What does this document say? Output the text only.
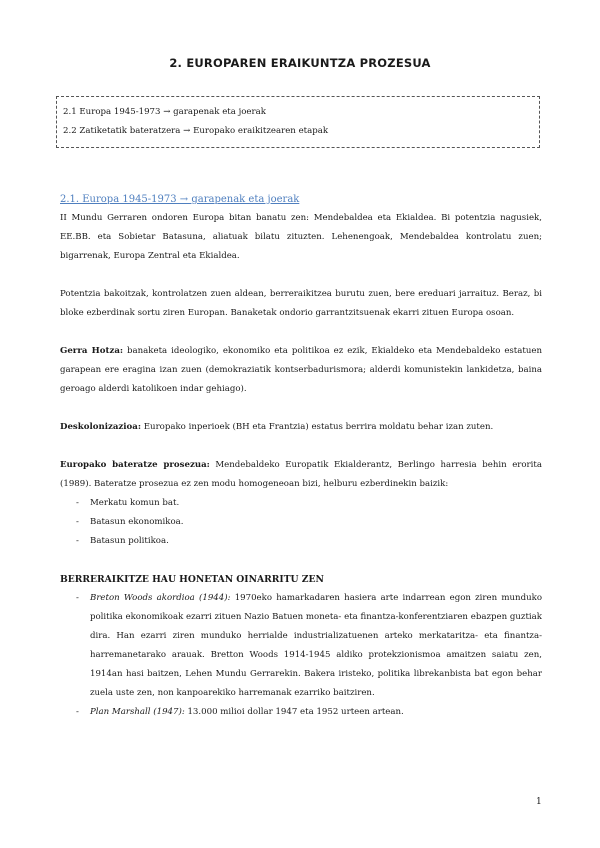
2. EUROPAREN ERAIKUNTZA PROZESUA
2.1 Europa 1945-1973 → garapenak eta joerak
2.2 Zatiketatik bateratzera → Europako eraikitzearen etapak

2.1. Europa 1945-1973 → garapenak eta joerak

II Mundu Gerraren ondoren Europa bitan banatu zen: Mendebaldea eta Ekialdea. Bi potentzia nagusiek, EE.BB. eta Sobietar Batasuna, aliatuak bilatu zituzten. Lehenengoak, Mendebaldea kontrolatu zuen; bigarrenak, Europa Zentral eta Ekialdea.

Potentzia bakoitzak, kontrolatzen zuen aldean, berreraikitzea burutu zuen, bere ereduari jarraituz. Beraz, bi bloke ezberdinak sortu ziren Europan. Banaketak ondorio garrantzitsuenak ekarri zituen Europa osoan.

Gerra Hotza: banaketa ideologiko, ekonomiko eta politikoa ez ezik, Ekialdeko eta Mendebaldeko estatuen garapean ere eragina izan zuen (demokraziatik kontserbadurismora; alderdi komunistekin lankidetza, baina geroago alderdi katolikoen indar gehiago).

Deskolonizazioa: Europako inperioek (BH eta Frantzia) estatus berrira moldatu behar izan zuten.

Europako bateratze prosezua: Mendebaldeko Europatik Ekialderantz, Berlingo harresia behin erorita (1989). Bateratze prosezua ez zen modu homogeneoan bizi, helburu ezberdinekin baizik:

- Merkatu komun bat.
- Batasun ekonomikoa.
- Batasun politikoa.

BERRERAIKITZE HAU HONETAN OINARRITU ZEN

- Breton Woods akordioa (1944): 1970eko hamarkadaren hasiera arte indarrean egon ziren munduko politika ekonomikoak ezarri zituen Nazio Batuen moneta- eta finantza-konferentziaren ebazpen guztiak dira. Han ezarri ziren munduko herrialde industrializatuenen arteko merkataritza- eta finantza-harremanetarako arauak. Bretton Woods 1914-1945 aldiko protekzionismoa amaitzen saiatu zen, 1914an hasi baitzen, Lehen Mundu Gerrarekin. Bakera iristeko, politika librekanbista bat egon behar zuela uste zen, non kanpoarekiko harremanak ezarriko baitziren.
- Plan Marshall (1947): 13.000 milioi dollar 1947 eta 1952 urteen artean.
1
